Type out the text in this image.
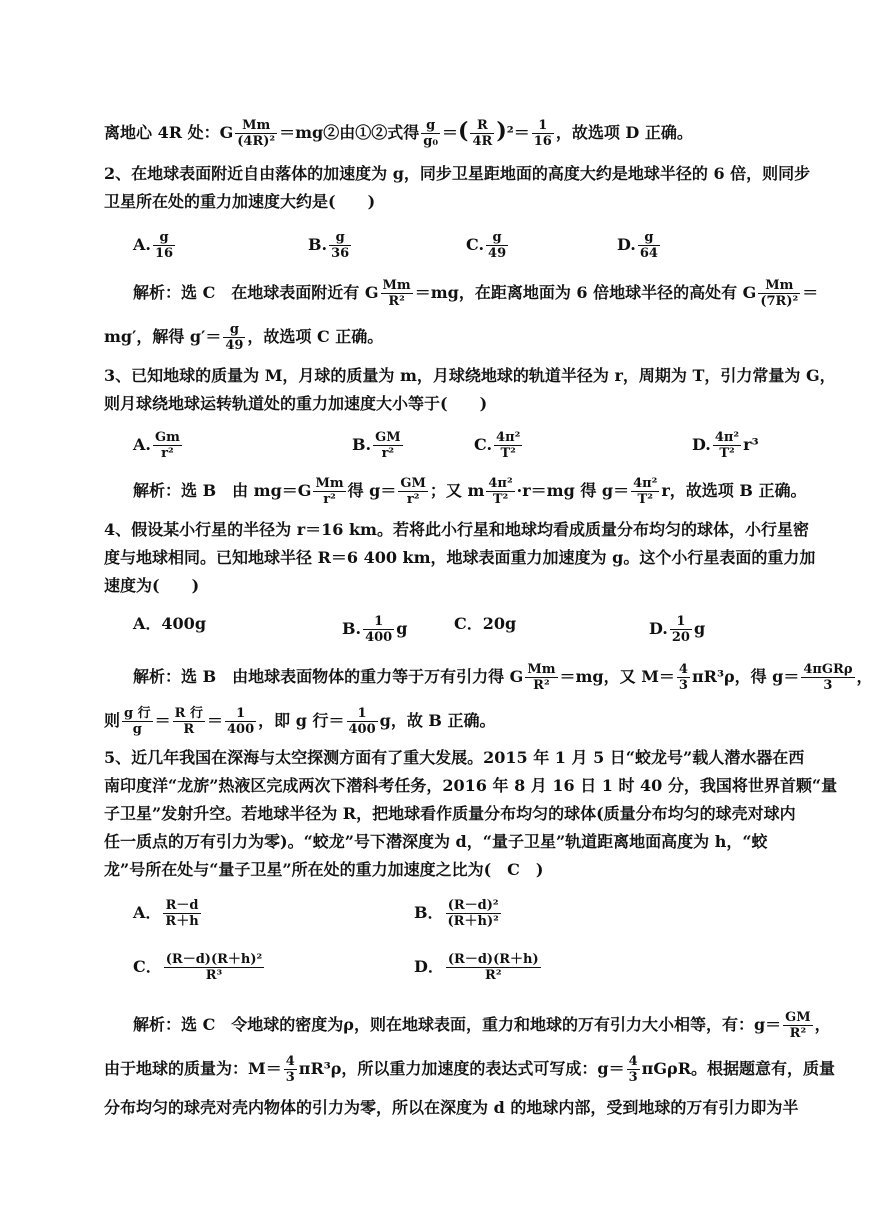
离地心 4R 处：G $\frac{Mm}{\text{(4R)²}}$ ＝mg②由①②式得 $\frac{g}{\text{g₀}}$ ＝( $\frac{R}{4R} )^2= \frac{1}{16}$ ，故选项 D 正确。
2、在地球表面附近自由落体的加速度为 g，同步卫星距地面的高度大约是地球半径的 6 倍，则同步
卫星所在处的重力加速度大约是(　　)
A. $\frac{g}{16}$	B. $\frac{g}{36}$	C. $\frac{g}{49}$	D. $\frac{g}{64}$
解析：选 C　在地球表面附近有 G $\frac{Mm}{\text{R²}} =mg$，在距离地面为 6 倍地球半径的高处有 G $\frac{Mm}{\text{(7R)²}}$ ＝
mg′，解得 $g'= \frac{g}{49}$ ，故选项 C 正确。
3、已知地球的质量为 M，月球的质量为 m，月球绕地球的轨道半径为 r，周期为 T，引力常量为 G，
则月球绕地球运转轨道处的重力加速度大小等于(　　)
A. $\frac{Gm}{\text{r²}}$	B. $\frac{GM}{\text{r²}}$	C. $\frac{\text{4π²}}{\text{T²}}$	D. $\frac{\text{4π²}}{\text{T²}} r^3$
解析：选 B　由 $mg=G \frac{Mm}{\text{r²}}$ 得 $g= \frac{GM}{\text{r²}}$ ；又 m $\frac{\text{4π²}}{\text{T²}} \cdot r=mg$ 得 $g= \frac{\text{4π²}}{\text{T²}}$ r，故选项 B 正确。
4、假设某小行星的半径为 r＝16 km。若将此小行星和地球均看成质量分布均匀的球体，小行星密
度与地球相同。已知地球半径 R＝6 400 km，地球表面重力加速度为 g。这个小行星表面的重力加
速度为(　　)
A．400g	B. $\frac{1}{400}$ g	C．20g	D. $\frac{1}{20}$ g
解析：选 B　由地球表面物体的重力等于万有引力得 G $\frac{Mm}{\text{R²}} =mg$，又 $M= \frac{4}{3} \pi R^3\rho$，得 $g= \frac{\text{4πGRρ}}{3}$ ，
则 $\frac{\text{g 行}}{g} = \frac{\text{R 行}}{R} = \frac{1}{400}$ ，即 g 行＝ $\frac{1}{400}$ g，故 B 正确。
5、近几年我国在深海与太空探测方面有了重大发展。2015 年 1 月 5 日“蛟龙号”载人潜水器在西
南印度洋“龙旂”热液区完成两次下潜科考任务，2016 年 8 月 16 日 1 时 40 分，我国将世界首颗“量
子卫星”发射升空。若地球半径为 R，把地球看作质量分布均匀的球体(质量分布均匀的球壳对球内
任一质点的万有引力为零)。“蛟龙”号下潜深度为 d，“量子卫星”轨道距离地面高度为 h，“蛟
龙”号所在处与“量子卫星”所在处的重力加速度之比为(　C　)
A． $\frac{R-d}{R+h}$	B． $\frac{\text{(R－d)²}}{\text{(R＋h)²}}$
C． $\frac{\text{(R－d)(R＋h)²}}{\text{R³}}$	D． $\frac{(R-d)(R+h)}{\text{R²}}$
解析：选 C　令地球的密度为ρ，则在地球表面，重力和地球的万有引力大小相等，有：$g= \frac{GM}{\text{R²}}$ ，
由于地球的质量为：$M= \frac{4}{3} \pi R^3\rho$，所以重力加速度的表达式可写成：$g= \frac{4}{3}$ πGρR。根据题意有，质量
分布均匀的球壳对壳内物体的引力为零，所以在深度为 d 的地球内部，受到地球的万有引力即为半
